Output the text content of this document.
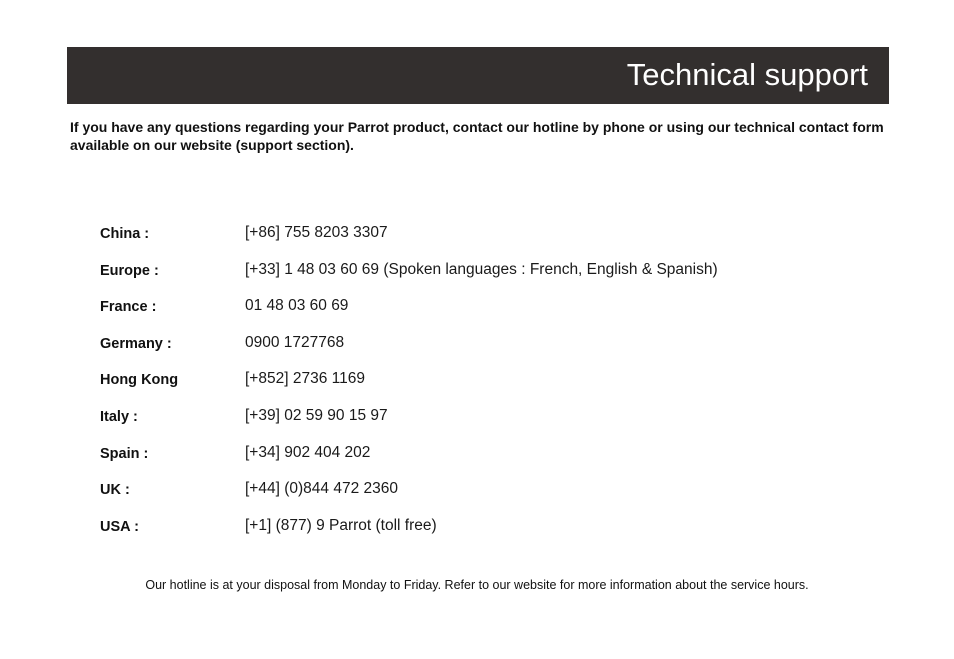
Technical support

If you have any questions regarding your Parrot product, contact our hotline by phone or using our technical contact form available on our website (support section).

China :	[+86] 755 8203 3307
Europe :	[+33] 1 48 03 60 69 (Spoken languages : French, English & Spanish)
France :	01 48 03 60 69
Germany :	0900 1727768
Hong Kong	[+852] 2736 1169
Italy :	[+39] 02 59 90 15 97
Spain :	[+34] 902 404 202
UK :	[+44] (0)844 472 2360
USA :	[+1] (877) 9 Parrot (toll free)

Our hotline is at your disposal from Monday to Friday. Refer to our website for more information about the service hours.
